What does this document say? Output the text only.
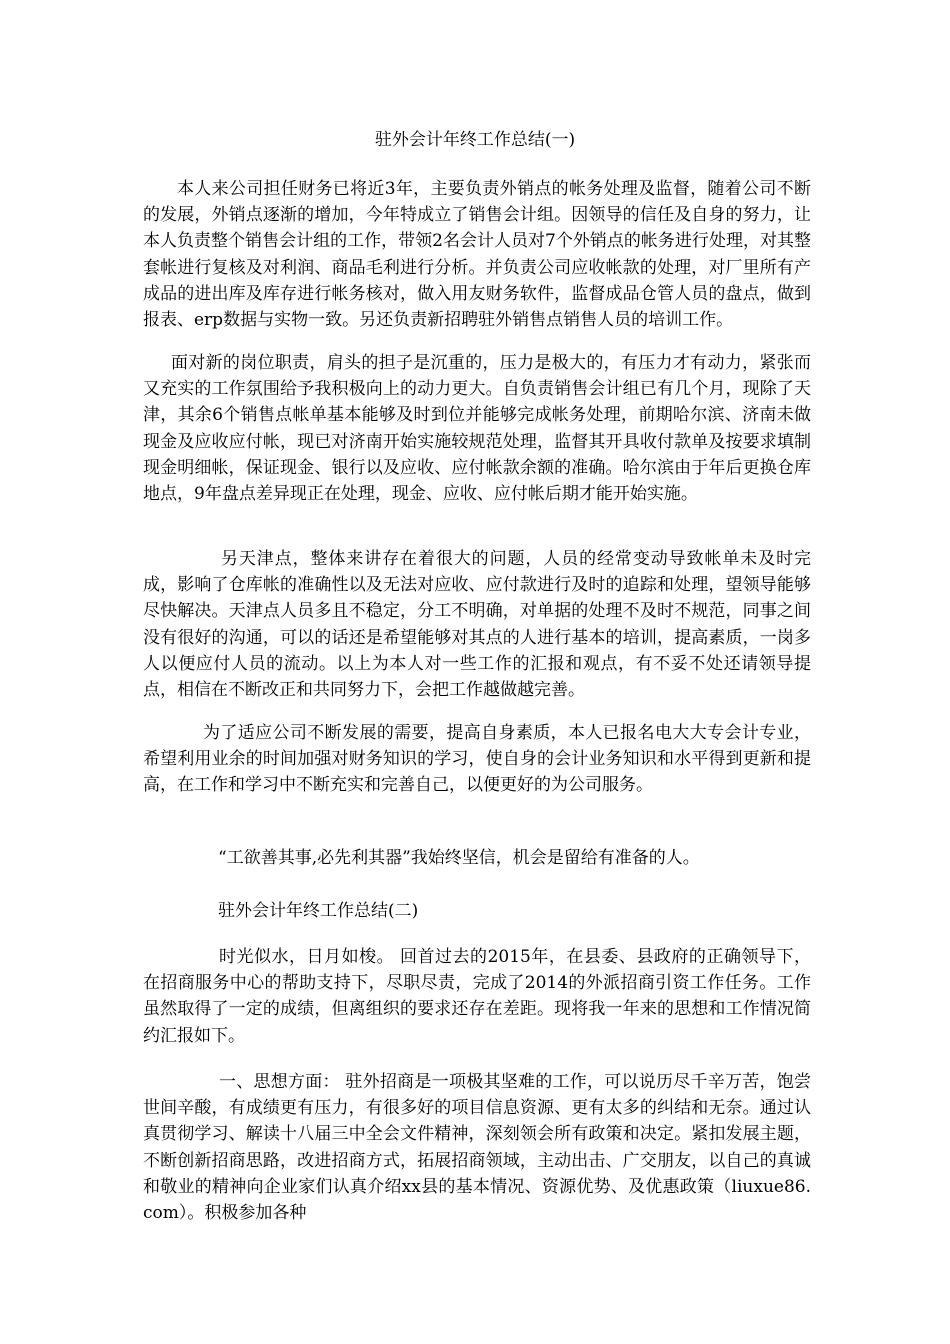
驻外会计年终工作总结(一)
本人来公司担任财务已将近3年，主要负责外销点的帐务处理及监督，随着公司不断的发展，外销点逐渐的增加，今年特成立了销售会计组。因领导的信任及自身的努力，让本人负责整个销售会计组的工作，带领2名会计人员对7个外销点的帐务进行处理，对其整套帐进行复核及对利润、商品毛利进行分析。并负责公司应收帐款的处理，对厂里所有产成品的进出库及库存进行帐务核对，做入用友财务软件，监督成品仓管人员的盘点，做到报表、erp数据与实物一致。另还负责新招聘驻外销售点销售人员的培训工作。
面对新的岗位职责，肩头的担子是沉重的，压力是极大的，有压力才有动力，紧张而又充实的工作氛围给予我积极向上的动力更大。自负责销售会计组已有几个月，现除了天津，其余6个销售点帐单基本能够及时到位并能够完成帐务处理，前期哈尔滨、济南未做现金及应收应付帐，现已对济南开始实施较规范处理，监督其开具收付款单及按要求填制现金明细帐，保证现金、银行以及应收、应付帐款余额的准确。哈尔滨由于年后更换仓库地点，9年盘点差异现正在处理，现金、应收、应付帐后期才能开始实施。
另天津点，整体来讲存在着很大的问题，人员的经常变动导致帐单未及时完成，影响了仓库帐的准确性以及无法对应收、应付款进行及时的追踪和处理，望领导能够尽快解决。天津点人员多且不稳定，分工不明确，对单据的处理不及时不规范，同事之间没有很好的沟通，可以的话还是希望能够对其点的人进行基本的培训，提高素质，一岗多人以便应付人员的流动。以上为本人对一些工作的汇报和观点，有不妥不处还请领导提点，相信在不断改正和共同努力下，会把工作越做越完善。
为了适应公司不断发展的需要，提高自身素质，本人已报名电大大专会计专业，希望利用业余的时间加强对财务知识的学习，使自身的会计业务知识和水平得到更新和提高，在工作和学习中不断充实和完善自己，以便更好的为公司服务。
“工欲善其事,必先利其器”我始终坚信，机会是留给有准备的人。
驻外会计年终工作总结(二)
时光似水，日月如梭。 回首过去的2015年，在县委、县政府的正确领导下，在招商服务中心的帮助支持下，尽职尽责，完成了2014的外派招商引资工作任务。工作虽然取得了一定的成绩，但离组织的要求还存在差距。现将我一年来的思想和工作情况简约汇报如下。
一、思想方面： 驻外招商是一项极其坚难的工作，可以说历尽千辛万苦，饱尝世间辛酸，有成绩更有压力，有很多好的项目信息资源、更有太多的纠结和无奈。通过认真贯彻学习、解读十八届三中全会文件精神，深刻领会所有政策和决定。紧扣发展主题，不断创新招商思路，改进招商方式，拓展招商领域，主动出击、广交朋友，以自己的真诚和敬业的精神向企业家们认真介绍xx县的基本情况、资源优势、及优惠政策（liuxue86.com）。积极参加各种
